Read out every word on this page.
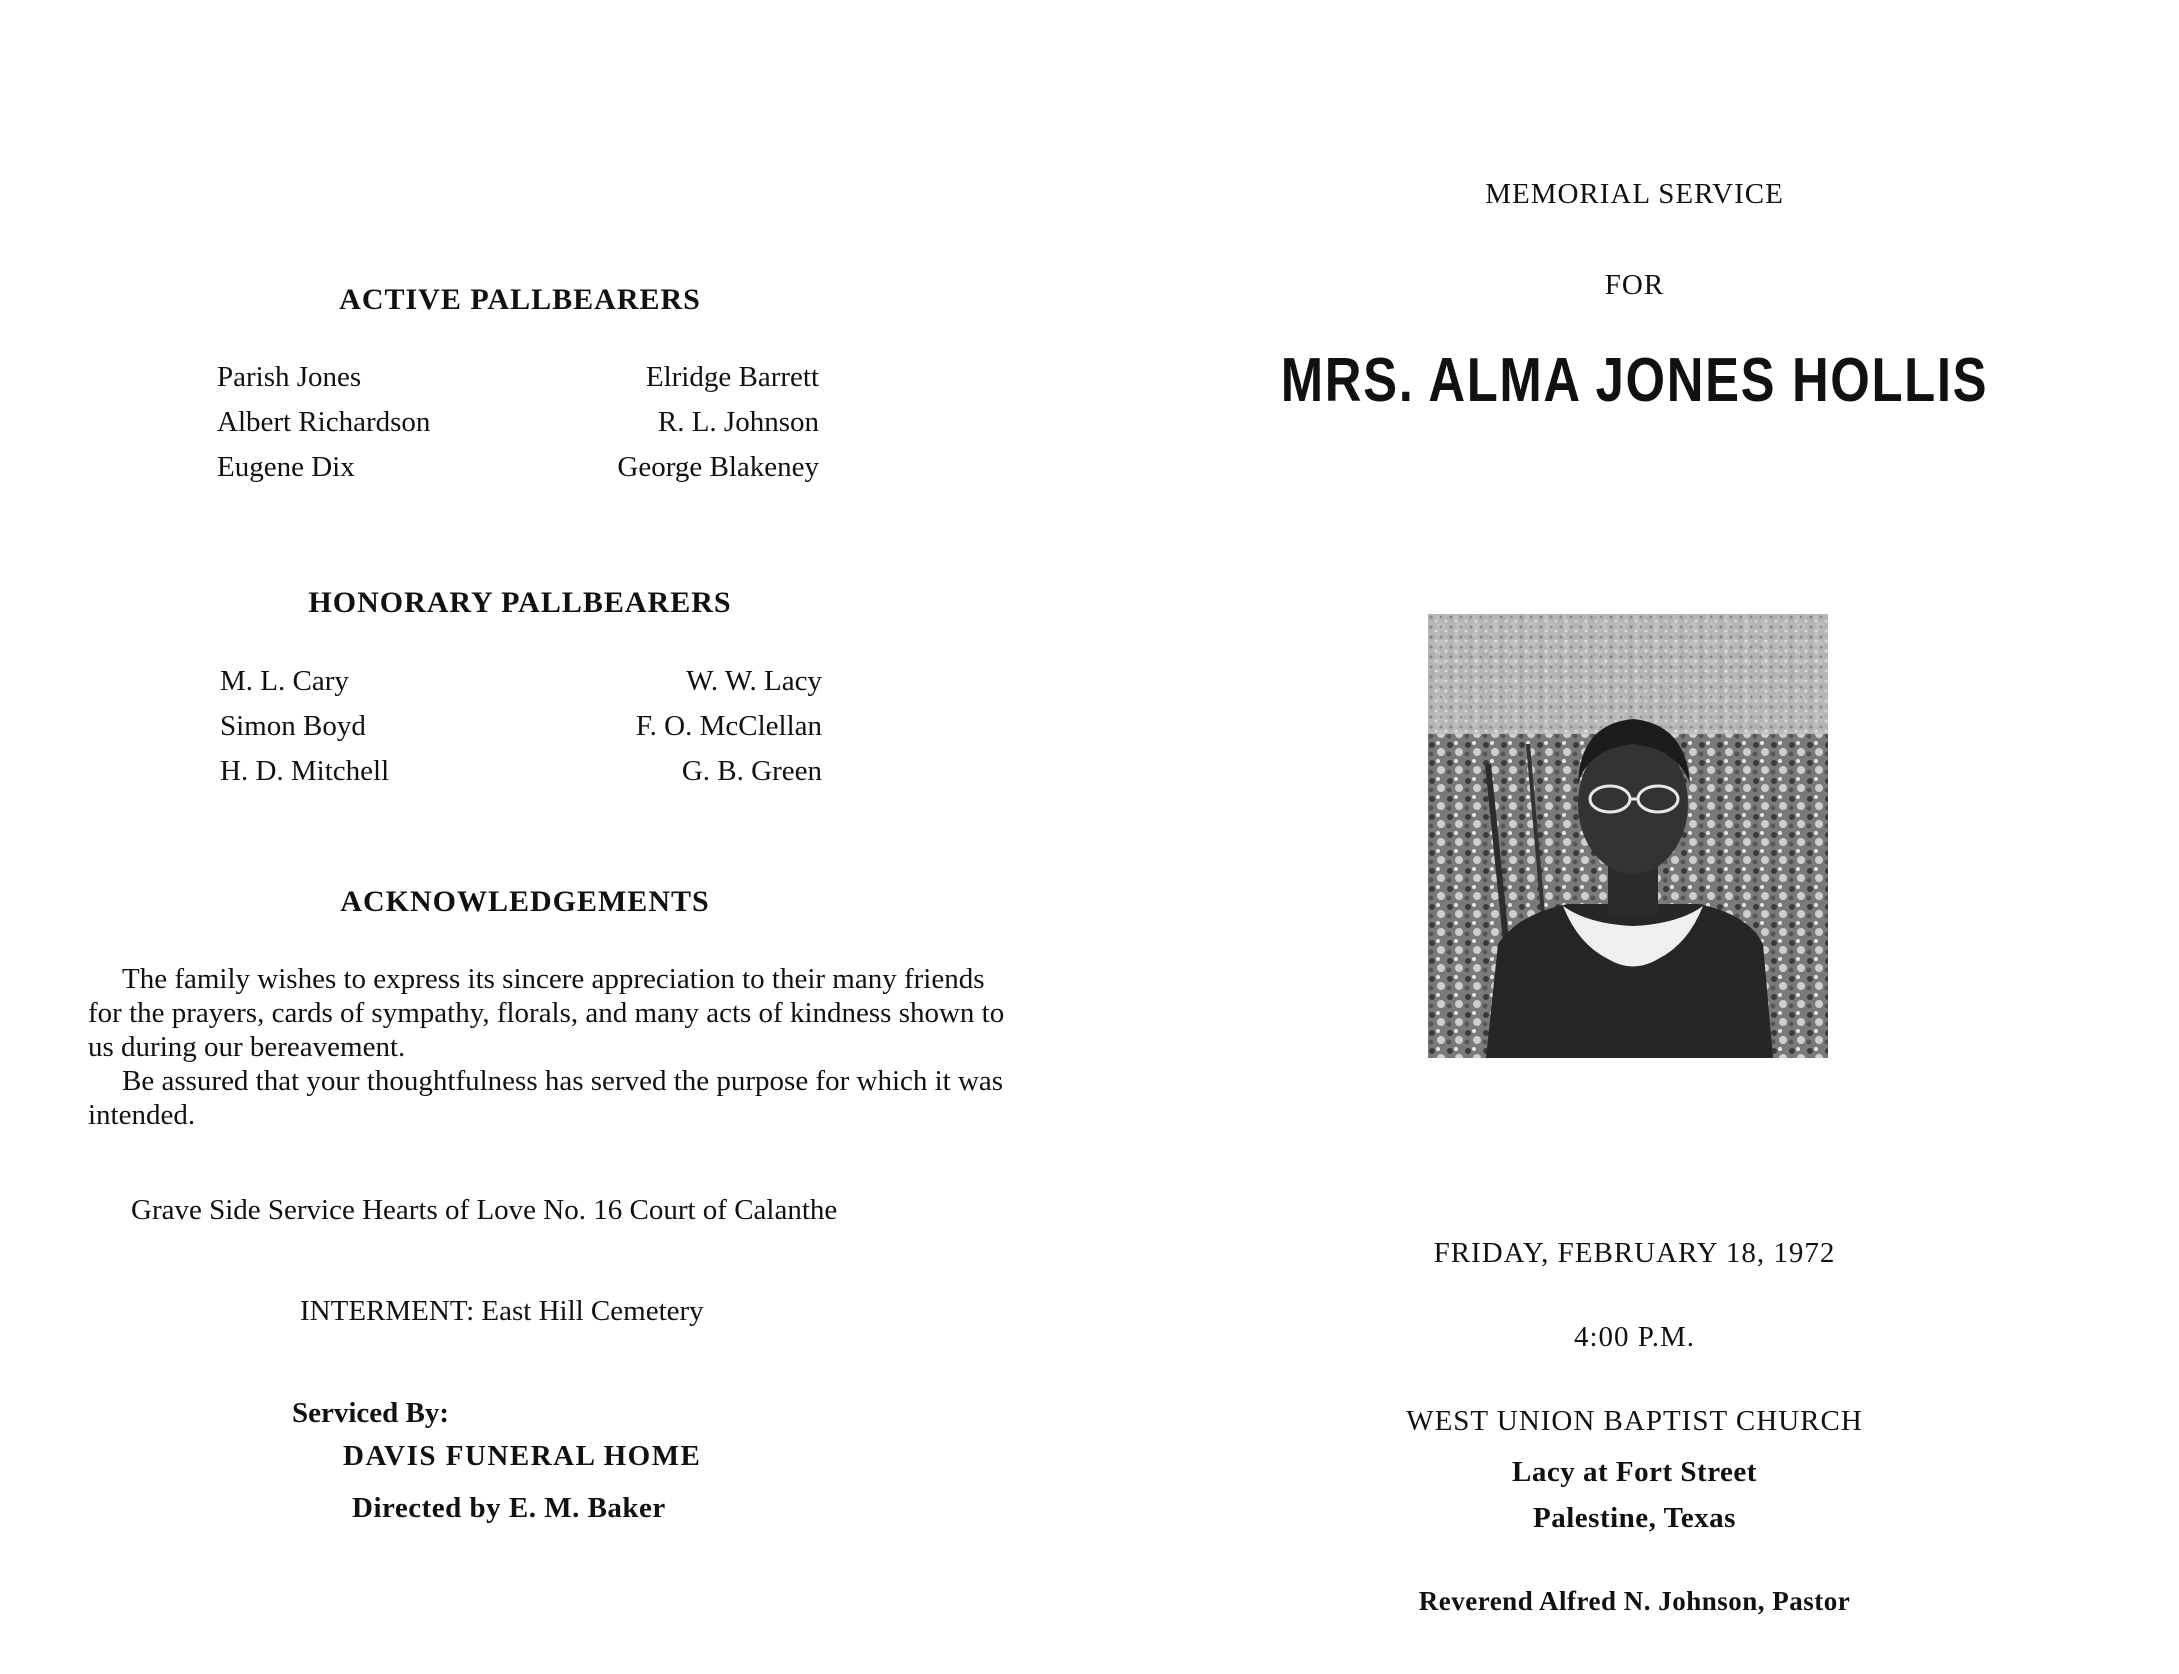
ACTIVE PALLBEARERS
Parish Jones
Albert Richardson
Eugene Dix
Elridge Barrett
R. L. Johnson
George Blakeney
HONORARY PALLBEARERS
M. L. Cary
Simon Boyd
H. D. Mitchell
W. W. Lacy
F. O. McClellan
G. B. Green
ACKNOWLEDGEMENTS

The family wishes to express its sincere appreciation to their many friends for the prayers, cards of sympathy, florals, and many acts of kindness shown to us during our bereavement.

Be assured that your thoughtfulness has served the purpose for which it was intended.

Grave Side Service Hearts of Love No. 16 Court of Calanthe
INTERMENT: East Hill Cemetery
Serviced By:
DAVIS FUNERAL HOME
Directed by E. M. Baker
MEMORIAL SERVICE
FOR
MRS. ALMA JONES HOLLIS
FRIDAY, FEBRUARY 18, 1972
4:00 P.M.
WEST UNION BAPTIST CHURCH
Lacy at Fort Street
Palestine, Texas
Reverend Alfred N. Johnson, Pastor
